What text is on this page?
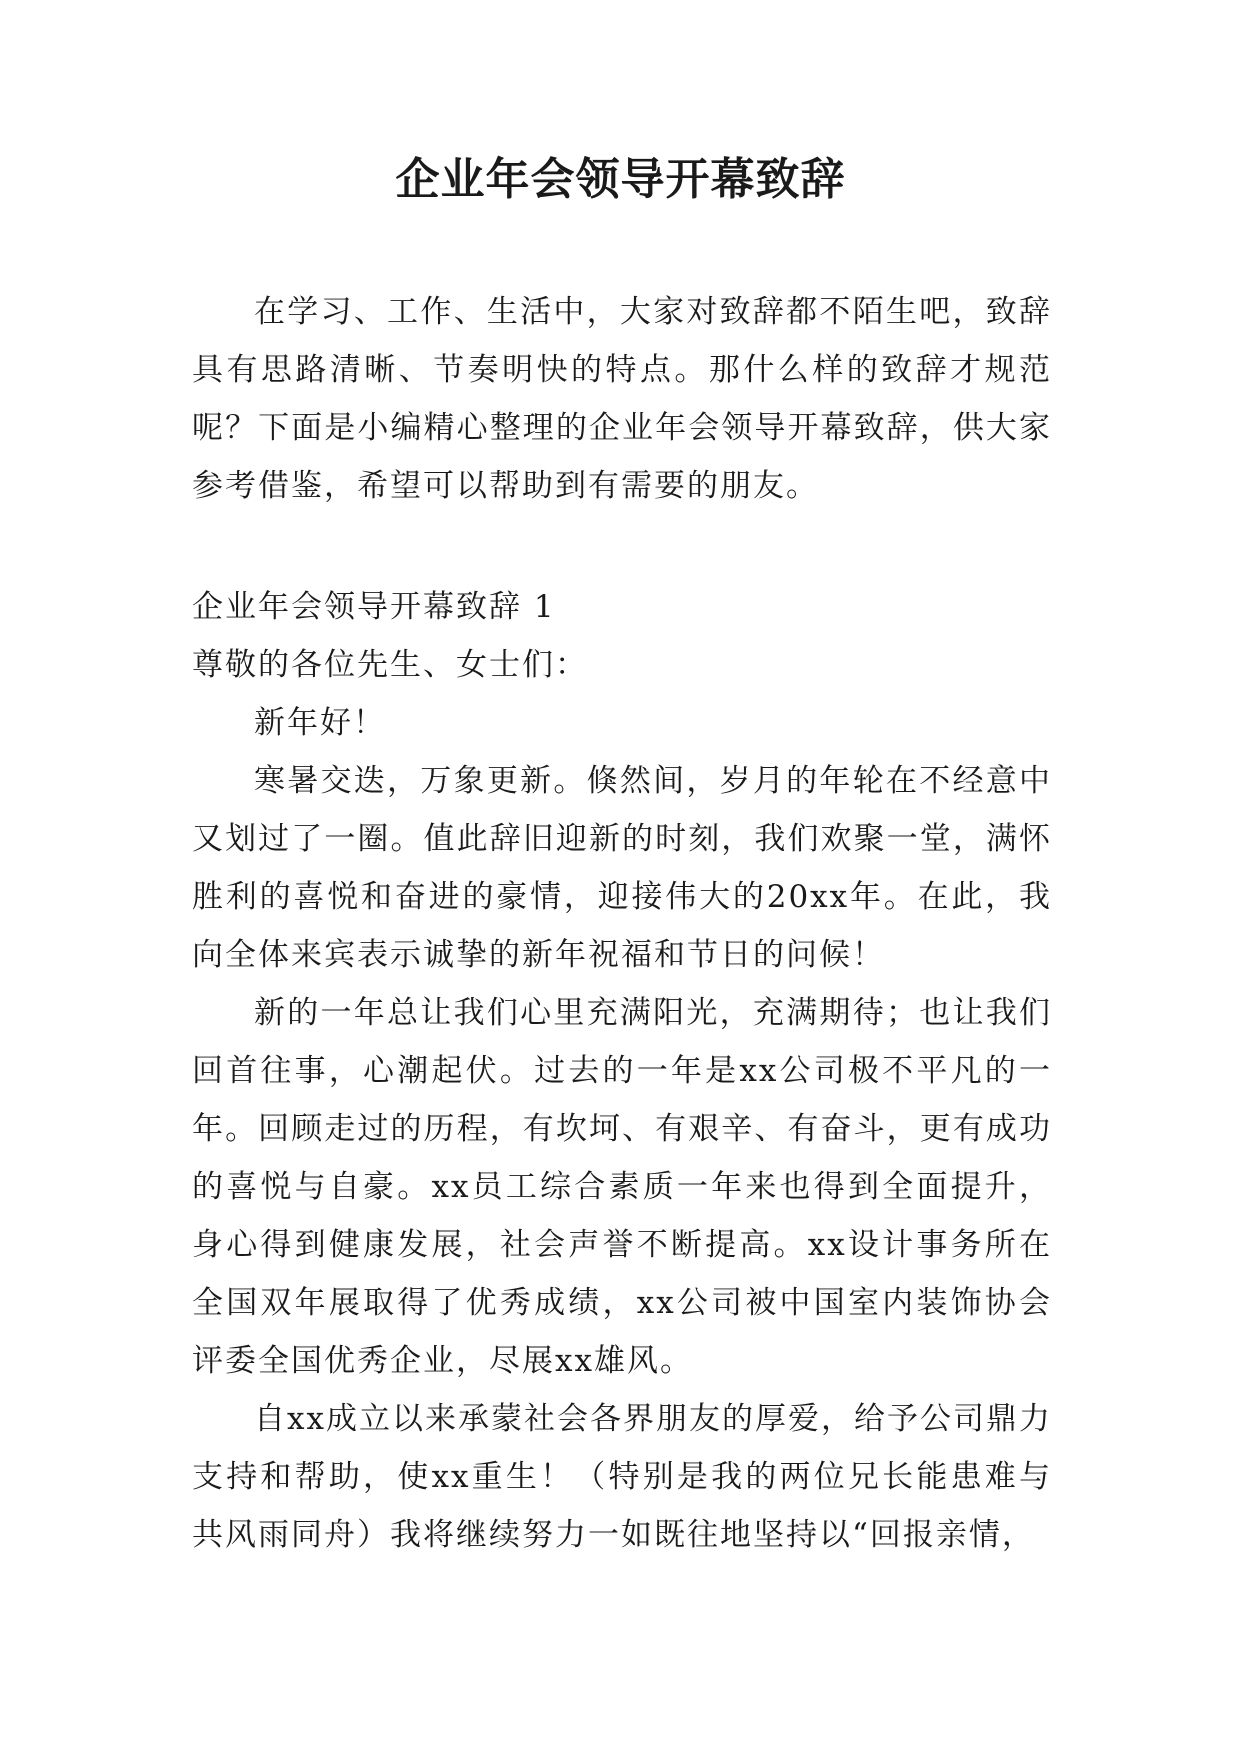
企业年会领导开幕致辞

在学习、工作、生活中，大家对致辞都不陌生吧，致辞具有思路清晰、节奏明快的特点。那什么样的致辞才规范呢？下面是小编精心整理的企业年会领导开幕致辞，供大家参考借鉴，希望可以帮助到有需要的朋友。

企业年会领导开幕致辞 1

尊敬的各位先生、女士们：

新年好！

寒暑交迭，万象更新。倏然间，岁月的年轮在不经意中又划过了一圈。值此辞旧迎新的时刻，我们欢聚一堂，满怀胜利的喜悦和奋进的豪情，迎接伟大的20xx年。在此，我向全体来宾表示诚挚的新年祝福和节日的问候！

新的一年总让我们心里充满阳光，充满期待；也让我们回首往事，心潮起伏。过去的一年是xx公司极不平凡的一年。回顾走过的历程，有坎坷、有艰辛、有奋斗，更有成功的喜悦与自豪。xx员工综合素质一年来也得到全面提升，身心得到健康发展，社会声誉不断提高。xx设计事务所在全国双年展取得了优秀成绩，xx公司被中国室内装饰协会评委全国优秀企业，尽展xx雄风。

自xx成立以来承蒙社会各界朋友的厚爱，给予公司鼎力支持和帮助，使xx重生！（特别是我的两位兄长能患难与共风雨同舟）我将继续努力一如既往地坚持以“回报亲情，
